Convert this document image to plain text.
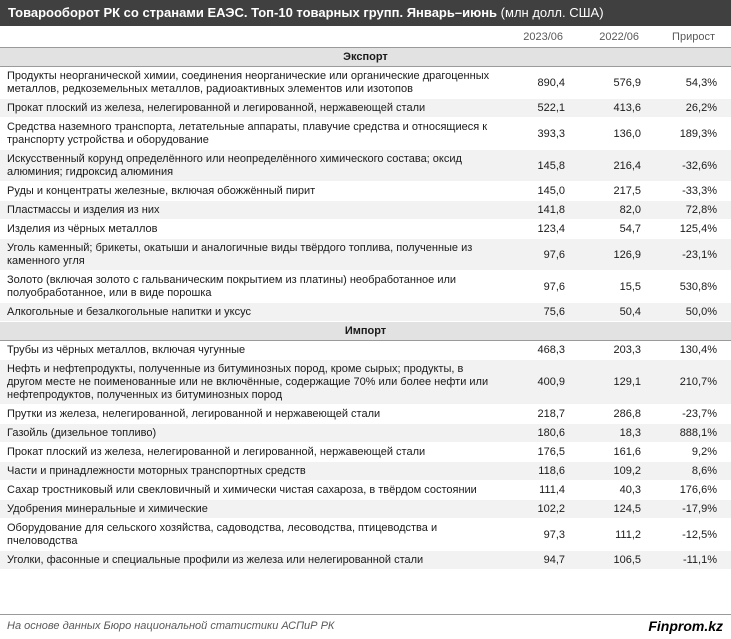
Товарооборот РК со странами ЕАЭС. Топ-10 товарных групп. Январь–июнь (млн долл. США)
	2023/06	2022/06	Прирост
Экспорт			
Продукты неорганической химии, соединения неорганические или органические драгоценных металлов, редкоземельных металлов, радиоактивных элементов или изотопов	890,4	576,9	54,3%
Прокат плоский из железа, нелегированной и легированной, нержавеющей стали	522,1	413,6	26,2%
Средства наземного транспорта, летательные аппараты, плавучие средства и относящиеся к транспорту устройства и оборудование	393,3	136,0	189,3%
Искусственный корунд определённого или неопределённого химического состава; оксид алюминия; гидроксид алюминия	145,8	216,4	-32,6%
Руды и концентраты железные, включая обожжённый пирит	145,0	217,5	-33,3%
Пластмассы и изделия из них	141,8	82,0	72,8%
Изделия из чёрных металлов	123,4	54,7	125,4%
Уголь каменный; брикеты, окатыши и аналогичные виды твёрдого топлива, полученные из каменного угля	97,6	126,9	-23,1%
Золото (включая золото с гальваническим покрытием из платины) необработанное или полуобработанное, или в виде порошка	97,6	15,5	530,8%
Алкогольные и безалкогольные напитки и уксус	75,6	50,4	50,0%
Импорт			
Трубы из чёрных металлов, включая чугунные	468,3	203,3	130,4%
Нефть и нефтепродукты, полученные из битуминозных пород, кроме сырых; продукты, в другом месте не поименованные или не включённые, содержащие 70% или более нефти или нефтепродуктов, полученных из битуминозных пород	400,9	129,1	210,7%
Прутки из железа, нелегированной, легированной и нержавеющей стали	218,7	286,8	-23,7%
Газойль (дизельное топливо)	180,6	18,3	888,1%
Прокат плоский из железа, нелегированной и легированной, нержавеющей стали	176,5	161,6	9,2%
Части и принадлежности моторных транспортных средств	118,6	109,2	8,6%
Сахар тростниковый или свекловичный и химически чистая сахароза, в твёрдом состоянии	111,4	40,3	176,6%
Удобрения минеральные и химические	102,2	124,5	-17,9%
Оборудование для сельского хозяйства, садоводства, лесоводства, птицеводства и пчеловодства	97,3	111,2	-12,5%
Уголки, фасонные и специальные профили из железа или нелегированной стали	94,7	106,5	-11,1%
На основе данных Бюро национальной статистики АСПиР РК	Finprom.kz
